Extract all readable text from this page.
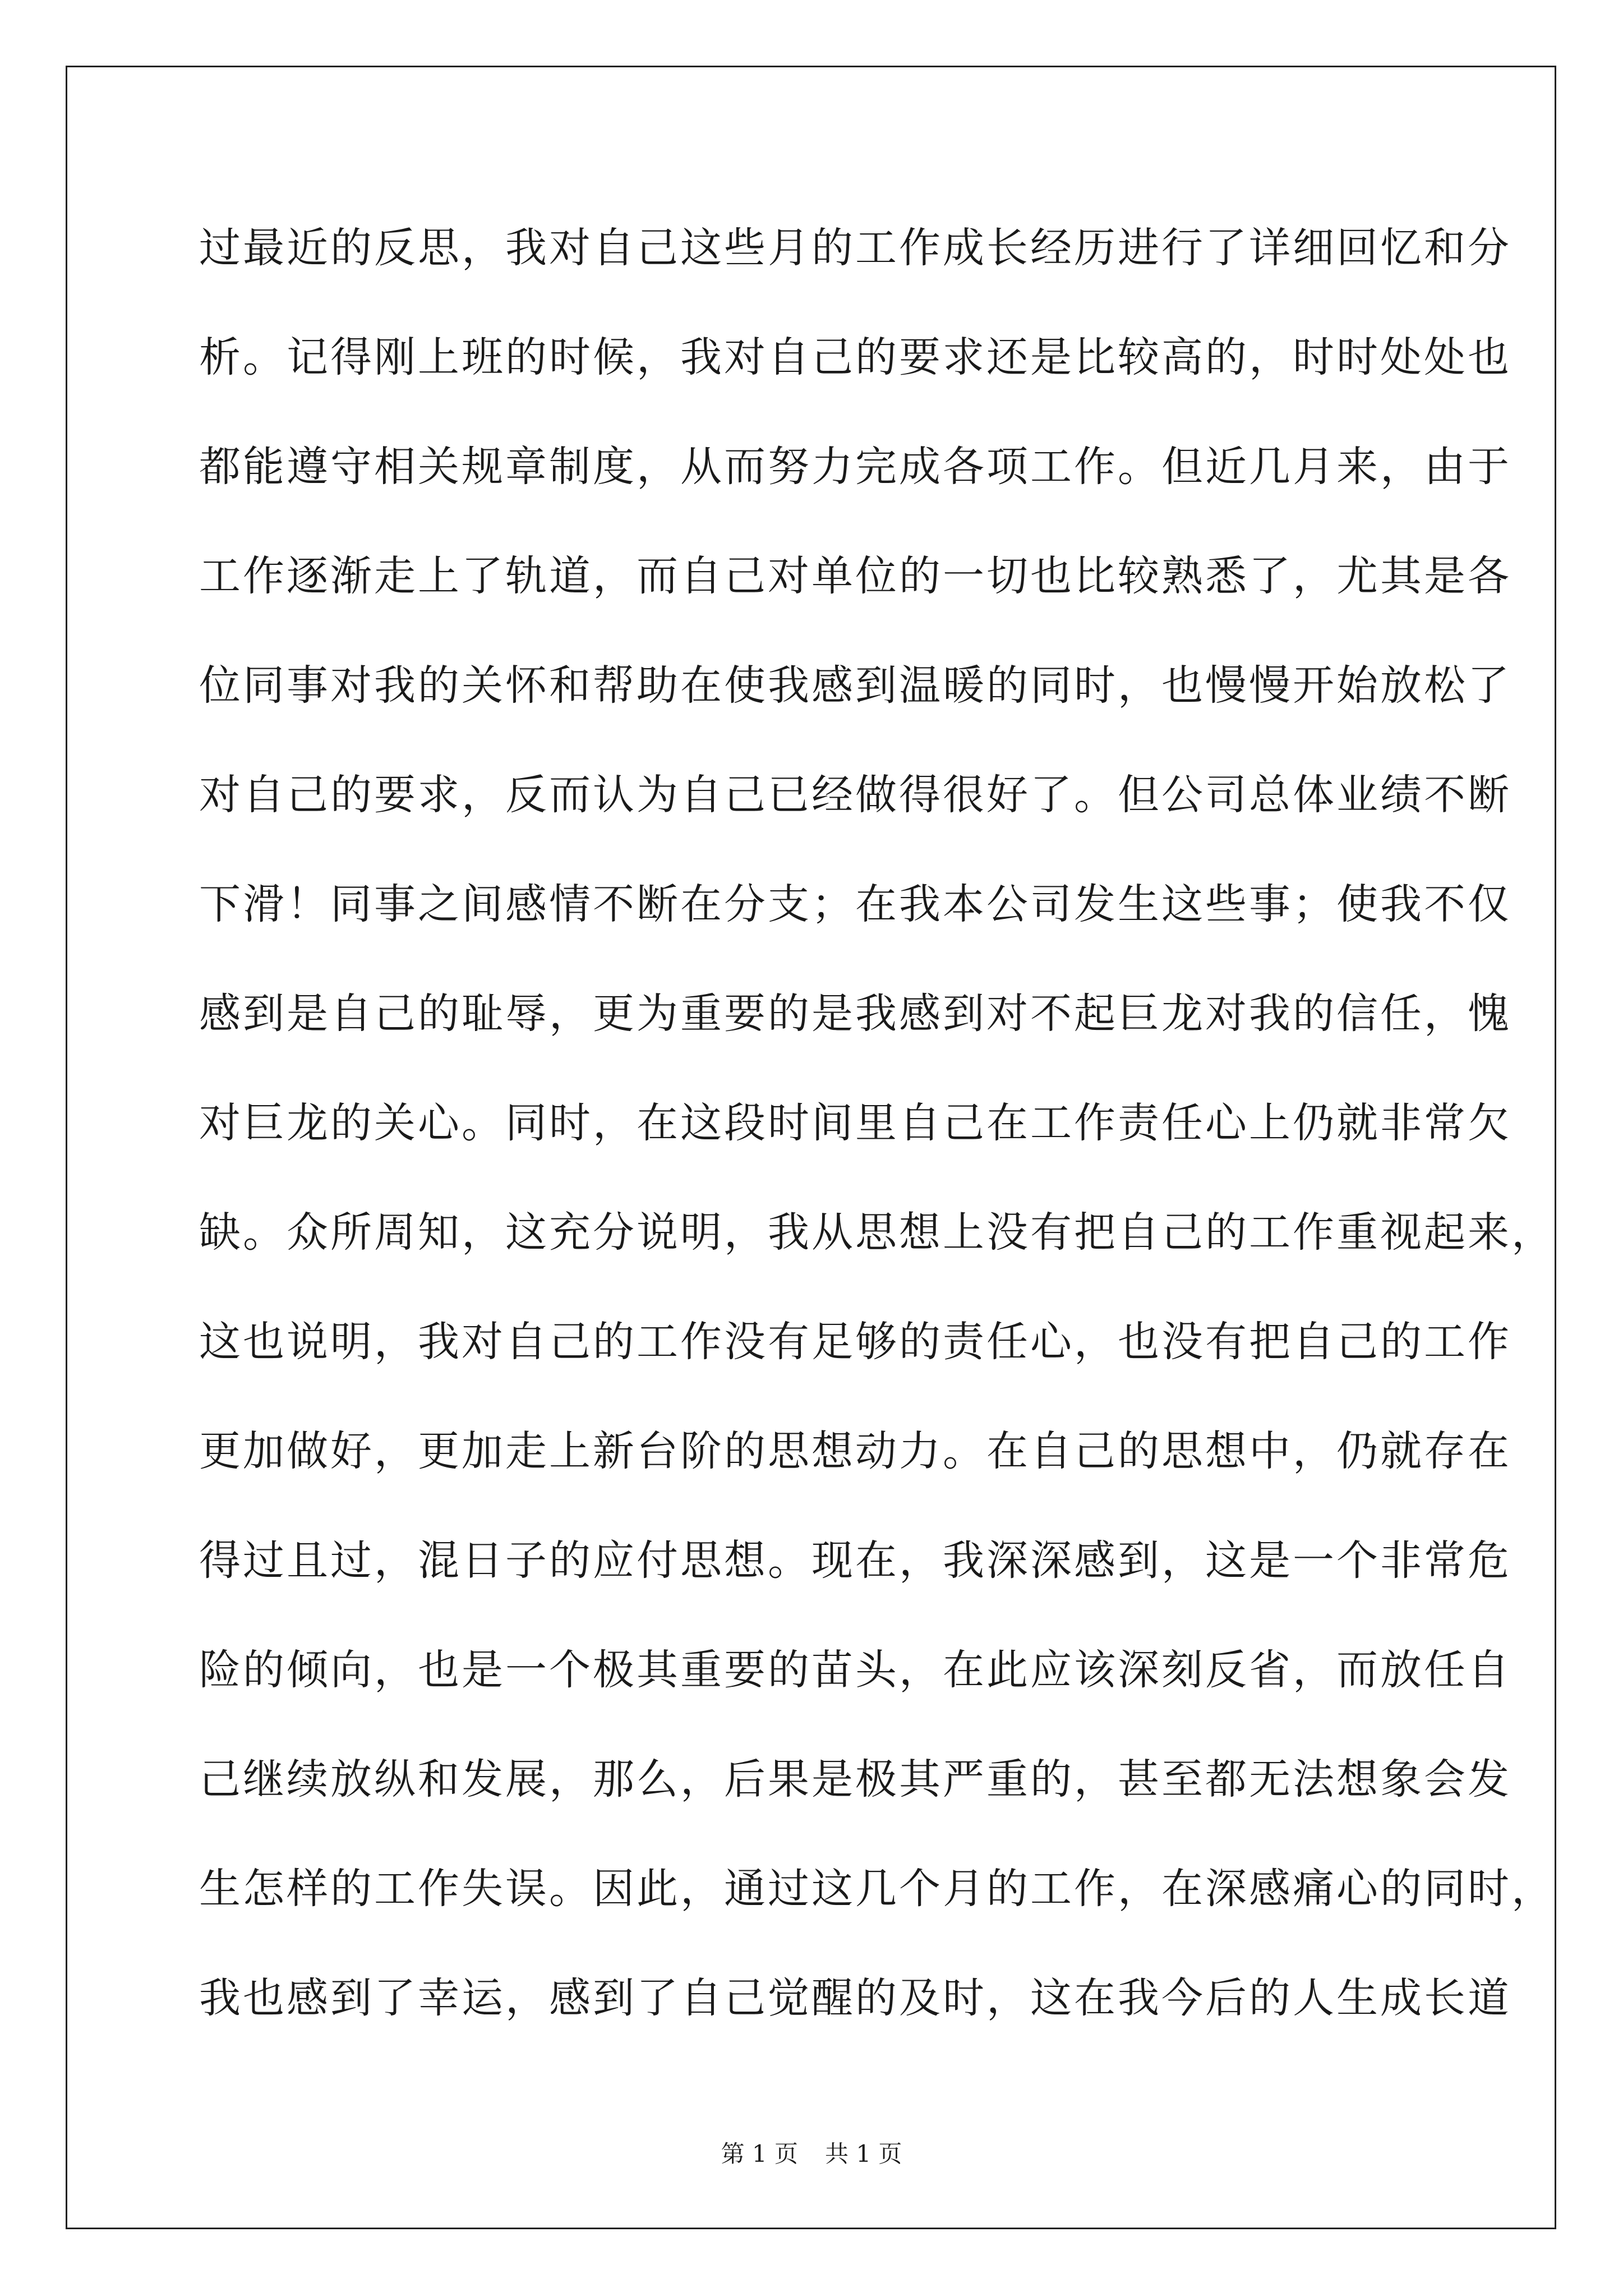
过最近的反思，我对自己这些月的工作成长经历进行了详细回忆和分
析。记得刚上班的时候，我对自己的要求还是比较高的，时时处处也
都能遵守相关规章制度，从而努力完成各项工作。但近几月来，由于
工作逐渐走上了轨道，而自己对单位的一切也比较熟悉了，尤其是各
位同事对我的关怀和帮助在使我感到温暖的同时，也慢慢开始放松了
对自己的要求，反而认为自己已经做得很好了。但公司总体业绩不断
下滑！同事之间感情不断在分支；在我本公司发生这些事；使我不仅
感到是自己的耻辱，更为重要的是我感到对不起巨龙对我的信任，愧
对巨龙的关心。同时，在这段时间里自己在工作责任心上仍就非常欠
缺。众所周知，这充分说明，我从思想上没有把自己的工作重视起来，
这也说明，我对自己的工作没有足够的责任心，也没有把自己的工作
更加做好，更加走上新台阶的思想动力。在自己的思想中，仍就存在
得过且过，混日子的应付思想。现在，我深深感到，这是一个非常危
险的倾向，也是一个极其重要的苗头，在此应该深刻反省，而放任自
己继续放纵和发展，那么，后果是极其严重的，甚至都无法想象会发
生怎样的工作失误。因此，通过这几个月的工作，在深感痛心的同时，
我也感到了幸运，感到了自己觉醒的及时，这在我今后的人生成长道
第 1 页 共 1 页
